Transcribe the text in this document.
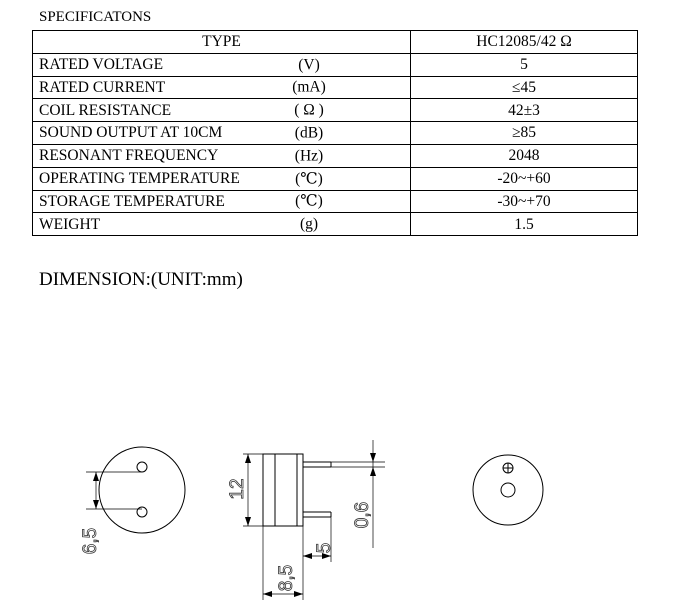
SPECIFICATONS
TYPE	HC12085/42 Ω
RATED VOLTAGE (V)	5
RATED CURRENT (mA)	≤45
COIL RESISTANCE ( Ω )	42±3
SOUND OUTPUT AT 10CM (dB)	≥85
RESONANT FREQUENCY (Hz)	2048
OPERATING TEMPERATURE (℃)	-20~+60
STORAGE TEMPERATURE (℃)	-30~+70
WEIGHT (g)	1.5
DIMENSION:(UNIT:mm)
6,5
12
0,6
5
8,5
